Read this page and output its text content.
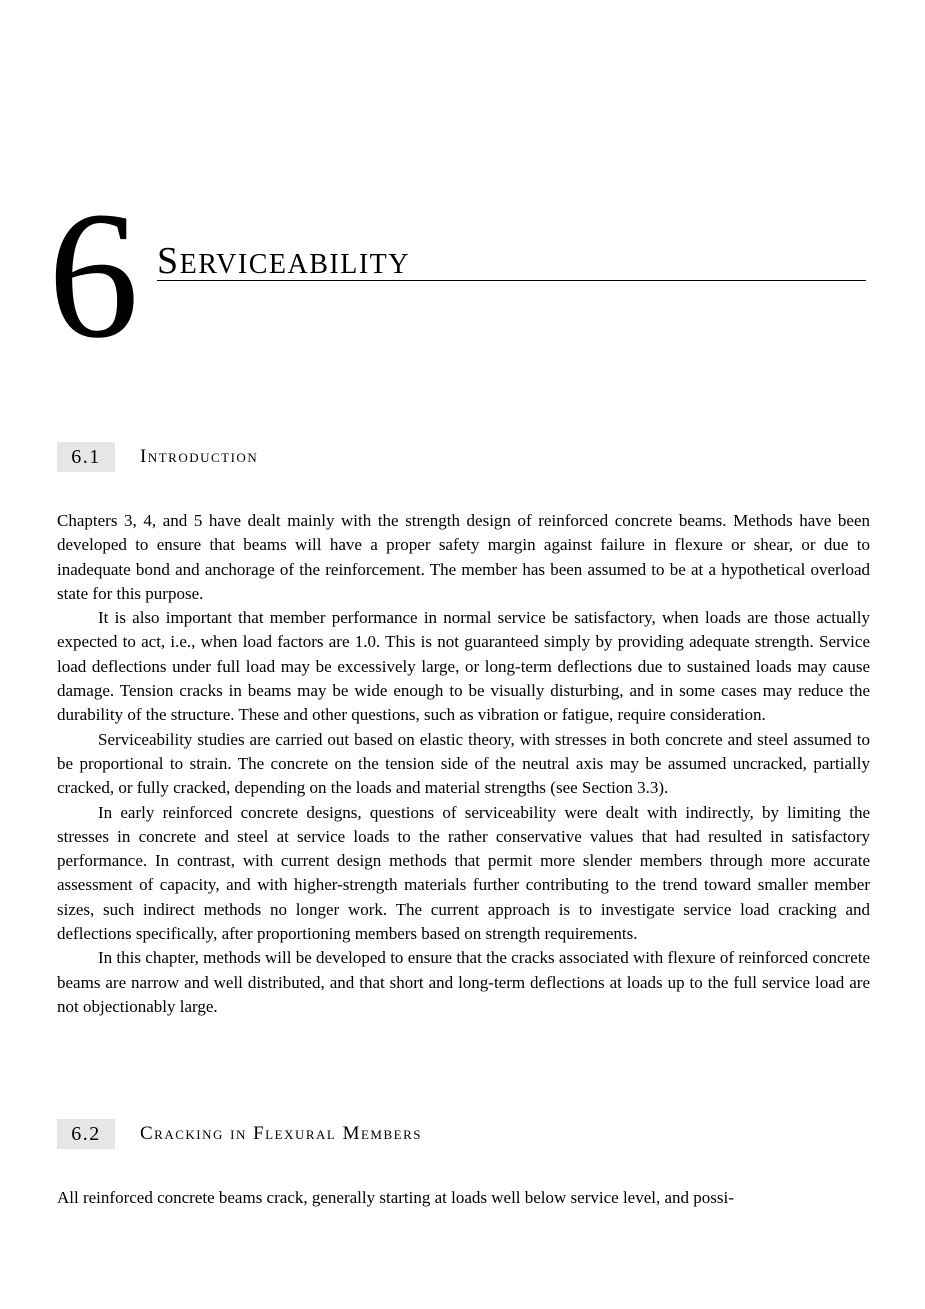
6 SERVICEABILITY
6.1	Introduction

Chapters 3, 4, and 5 have dealt mainly with the strength design of reinforced concrete beams. Methods have been developed to ensure that beams will have a proper safety margin against failure in flexure or shear, or due to inadequate bond and anchorage of the reinforcement. The member has been assumed to be at a hypothetical overload state for this purpose.

It is also important that member performance in normal service be satisfactory, when loads are those actually expected to act, i.e., when load factors are 1.0. This is not guaranteed simply by providing adequate strength. Service load deflections under full load may be excessively large, or long-term deflections due to sustained loads may cause damage. Tension cracks in beams may be wide enough to be visually disturbing, and in some cases may reduce the durability of the structure. These and other questions, such as vibration or fatigue, require consideration.

Serviceability studies are carried out based on elastic theory, with stresses in both concrete and steel assumed to be proportional to strain. The concrete on the tension side of the neutral axis may be assumed uncracked, partially cracked, or fully cracked, depending on the loads and material strengths (see Section 3.3).

In early reinforced concrete designs, questions of serviceability were dealt with indirectly, by limiting the stresses in concrete and steel at service loads to the rather conservative values that had resulted in satisfactory performance. In contrast, with current design methods that permit more slender members through more accurate assessment of capacity, and with higher-strength materials further contributing to the trend toward smaller member sizes, such indirect methods no longer work. The current approach is to investigate service load cracking and deflections specifically, after proportioning members based on strength requirements.

In this chapter, methods will be developed to ensure that the cracks associated with flexure of reinforced concrete beams are narrow and well distributed, and that short and long-term deflections at loads up to the full service load are not objectionably large.

6.2	Cracking in Flexural Members

All reinforced concrete beams crack, generally starting at loads well below service level, and possi-
